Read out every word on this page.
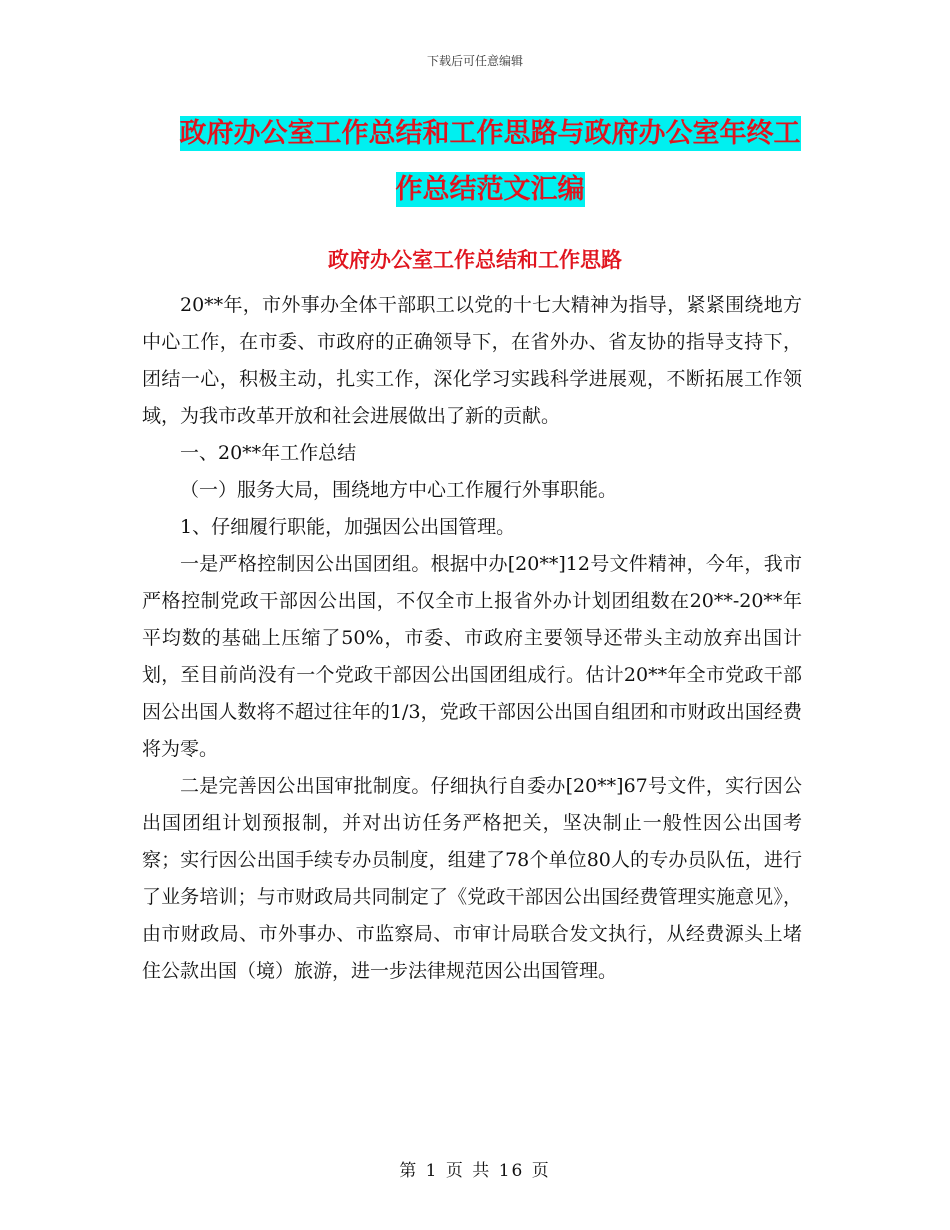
下载后可任意编辑
政府办公室工作总结和工作思路与政府办公室年终工
作总结范文汇编
政府办公室工作总结和工作思路

20**年，市外事办全体干部职工以党的十七大精神为指导，紧紧围绕地方中心工作，在市委、市政府的正确领导下，在省外办、省友协的指导支持下，团结一心，积极主动，扎实工作，深化学习实践科学进展观，不断拓展工作领域，为我市改革开放和社会进展做出了新的贡献。

一、20**年工作总结

（一）服务大局，围绕地方中心工作履行外事职能。

1、仔细履行职能，加强因公出国管理。

一是严格控制因公出国团组。根据中办[20**]12号文件精神，今年，我市严格控制党政干部因公出国，不仅全市上报省外办计划团组数在20**-20**年平均数的基础上压缩了50%，市委、市政府主要领导还带头主动放弃出国计划，至目前尚没有一个党政干部因公出国团组成行。估计20**年全市党政干部因公出国人数将不超过往年的1/3，党政干部因公出国自组团和市财政出国经费将为零。

二是完善因公出国审批制度。仔细执行自委办[20**]67号文件，实行因公出国团组计划预报制，并对出访任务严格把关，坚决制止一般性因公出国考察；实行因公出国手续专办员制度，组建了78个单位80人的专办员队伍，进行了业务培训；与市财政局共同制定了《党政干部因公出国经费管理实施意见》，由市财政局、市外事办、市监察局、市审计局联合发文执行，从经费源头上堵住公款出国（境）旅游，进一步法律规范因公出国管理。

第 1 页 共 16 页
